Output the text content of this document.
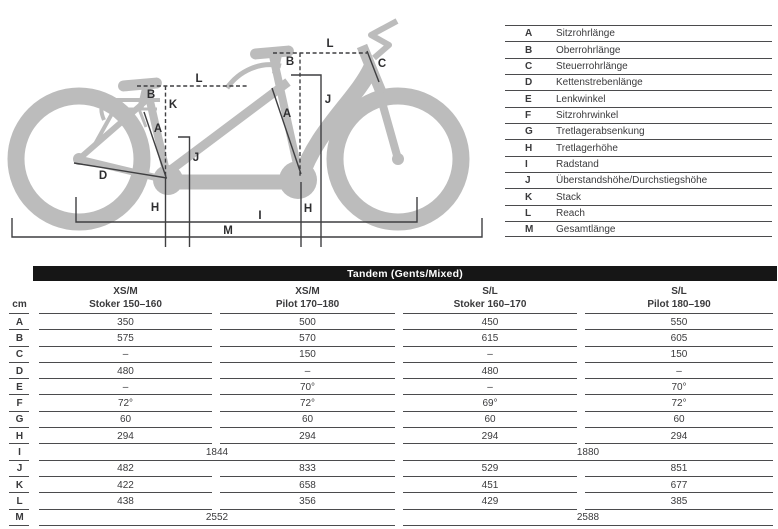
L
B
K
A
J
D
H
L
B	C
A
J
H
I
M
A	Sitzrohrlänge
B	Oberrohrlänge
C	Steuerrohrlänge
D	Kettenstrebenlänge
E	Lenkwinkel
F	Sitzrohrwinkel
G	Tretlagerabsenkung
H	Tretlagerhöhe
I	Radstand
J	Überstandshöhe/Durchstiegshöhe
K	Stack
L	Reach
M	Gesamtlänge
Tandem (Gents/Mixed)
cm
XS/M
Stoker 150–160
XS/M
Pilot 170–180
S/L
Stoker 160–170
S/L
Pilot 180–190
A	350	500	450	550
B	575	570	615	605
C	–	150	–	150
D	480	–	480	–
E	–	70°	–	70°
F	72°	72°	69°	72°
G	60	60	60	60
H	294	294	294	294
I	1844	1880
J	482	833	529	851
K	422	658	451	677
L	438	356	429	385
M	2552	2588
